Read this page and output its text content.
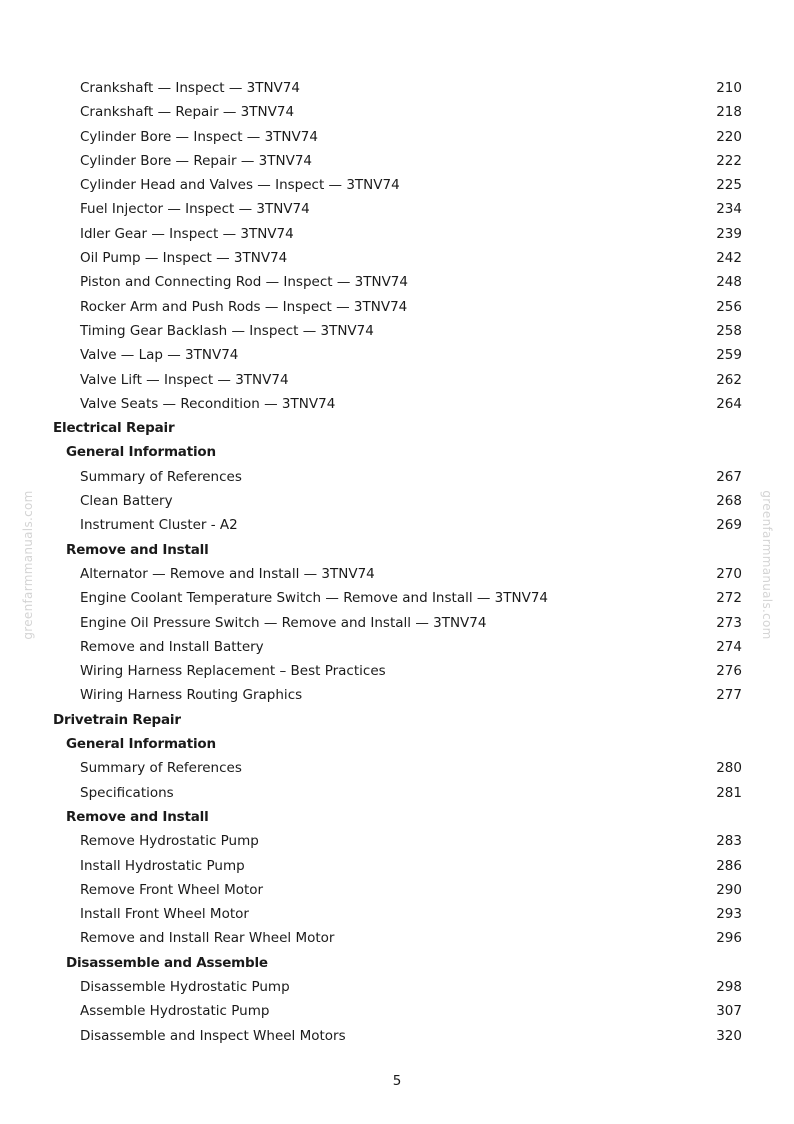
Crankshaft — Inspect — 3TNV74	210
Crankshaft — Repair — 3TNV74	218
Cylinder Bore — Inspect — 3TNV74	220
Cylinder Bore — Repair — 3TNV74	222
Cylinder Head and Valves — Inspect — 3TNV74	225
Fuel Injector — Inspect — 3TNV74	234
Idler Gear — Inspect — 3TNV74	239
Oil Pump — Inspect — 3TNV74	242
Piston and Connecting Rod — Inspect — 3TNV74	248
Rocker Arm and Push Rods — Inspect — 3TNV74	256
Timing Gear Backlash — Inspect — 3TNV74	258
Valve — Lap — 3TNV74	259
Valve Lift — Inspect — 3TNV74	262
Valve Seats — Recondition — 3TNV74	264
Electrical Repair
General Information
Summary of References	267
Clean Battery	268
Instrument Cluster - A2	269
Remove and Install
Alternator — Remove and Install — 3TNV74	270
Engine Coolant Temperature Switch — Remove and Install — 3TNV74	272
Engine Oil Pressure Switch — Remove and Install — 3TNV74	273
Remove and Install Battery	274
Wiring Harness Replacement – Best Practices	276
Wiring Harness Routing Graphics	277
Drivetrain Repair
General Information
Summary of References	280
Specifications	281
Remove and Install
Remove Hydrostatic Pump	283
Install Hydrostatic Pump	286
Remove Front Wheel Motor	290
Install Front Wheel Motor	293
Remove and Install Rear Wheel Motor	296
Disassemble and Assemble
Disassemble Hydrostatic Pump	298
Assemble Hydrostatic Pump	307
Disassemble and Inspect Wheel Motors	320
greenfarmmanuals.com	greenfarmmanuals.com
5
